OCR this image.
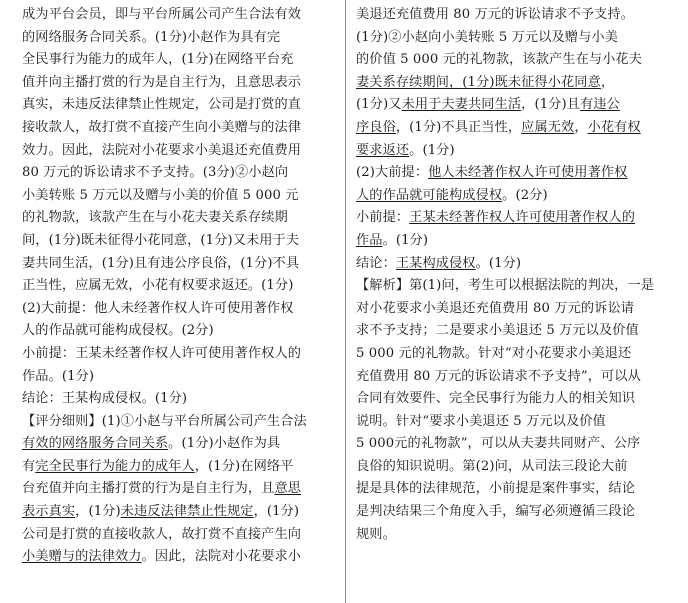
成为平台会员，即与平台所属公司产生合法有效
的网络服务合同关系。(1分)小赵作为具有完
全民事行为能力的成年人，(1分)在网络平台充
值并向主播打赏的行为是自主行为，且意思表示
真实，未违反法律禁止性规定，公司是打赏的直
接收款人，故打赏不直接产生向小美赠与的法律
效力。因此，法院对小花要求小美退还充值费用
80 万元的诉讼请求不予支持。(3分)②小赵向
小美转账 5 万元以及赠与小美的价值 5 000 元
的礼物款，该款产生在与小花夫妻关系存续期
间，(1分)既未征得小花同意，(1分)又未用于夫
妻共同生活，(1分)且有违公序良俗，(1分)不具
正当性，应属无效，小花有权要求返还。(1分)
(2)大前提：他人未经著作权人许可使用著作权
人的作品就可能构成侵权。(2分)
小前提：王某未经著作权人许可使用著作权人的
作品。(1分)
结论：王某构成侵权。(1分)
【评分细则】(1)①小赵与平台所属公司产生合法
有效的网络服务合同关系。(1分)小赵作为具
有完全民事行为能力的成年人，(1分)在网络平
台充值并向主播打赏的行为是自主行为，且意思
表示真实，(1分)未违反法律禁止性规定，(1分)
公司是打赏的直接收款人，故打赏不直接产生向
小美赠与的法律效力。因此，法院对小花要求小
美退还充值费用 80 万元的诉讼请求不予支持。
(1分)②小赵向小美转账 5 万元以及赠与小美
的价值 5 000 元的礼物款，该款产生在与小花夫
妻关系存续期间，(1分)既未征得小花同意，
(1分)又未用于夫妻共同生活，(1分)且有违公
序良俗，(1分)不具正当性，应属无效，小花有权
要求返还。(1分)
(2)大前提：他人未经著作权人许可使用著作权
人的作品就可能构成侵权。(2分)
小前提：王某未经著作权人许可使用著作权人的
作品。(1分)
结论：王某构成侵权。(1分)
【解析】第(1)问，考生可以根据法院的判决，一是
对小花要求小美退还充值费用 80 万元的诉讼请
求不予支持；二是要求小美退还 5 万元以及价值
5 000 元的礼物款。针对“对小花要求小美退还
充值费用 80 万元的诉讼请求不予支持”，可以从
合同有效要件、完全民事行为能力人的相关知识
说明。针对“要求小美退还 5 万元以及价值
5 000元的礼物款”，可以从夫妻共同财产、公序
良俗的知识说明。第(2)问，从司法三段论大前
提是具体的法律规范，小前提是案件事实，结论
是判决结果三个角度入手，编写必须遵循三段论
规则。
